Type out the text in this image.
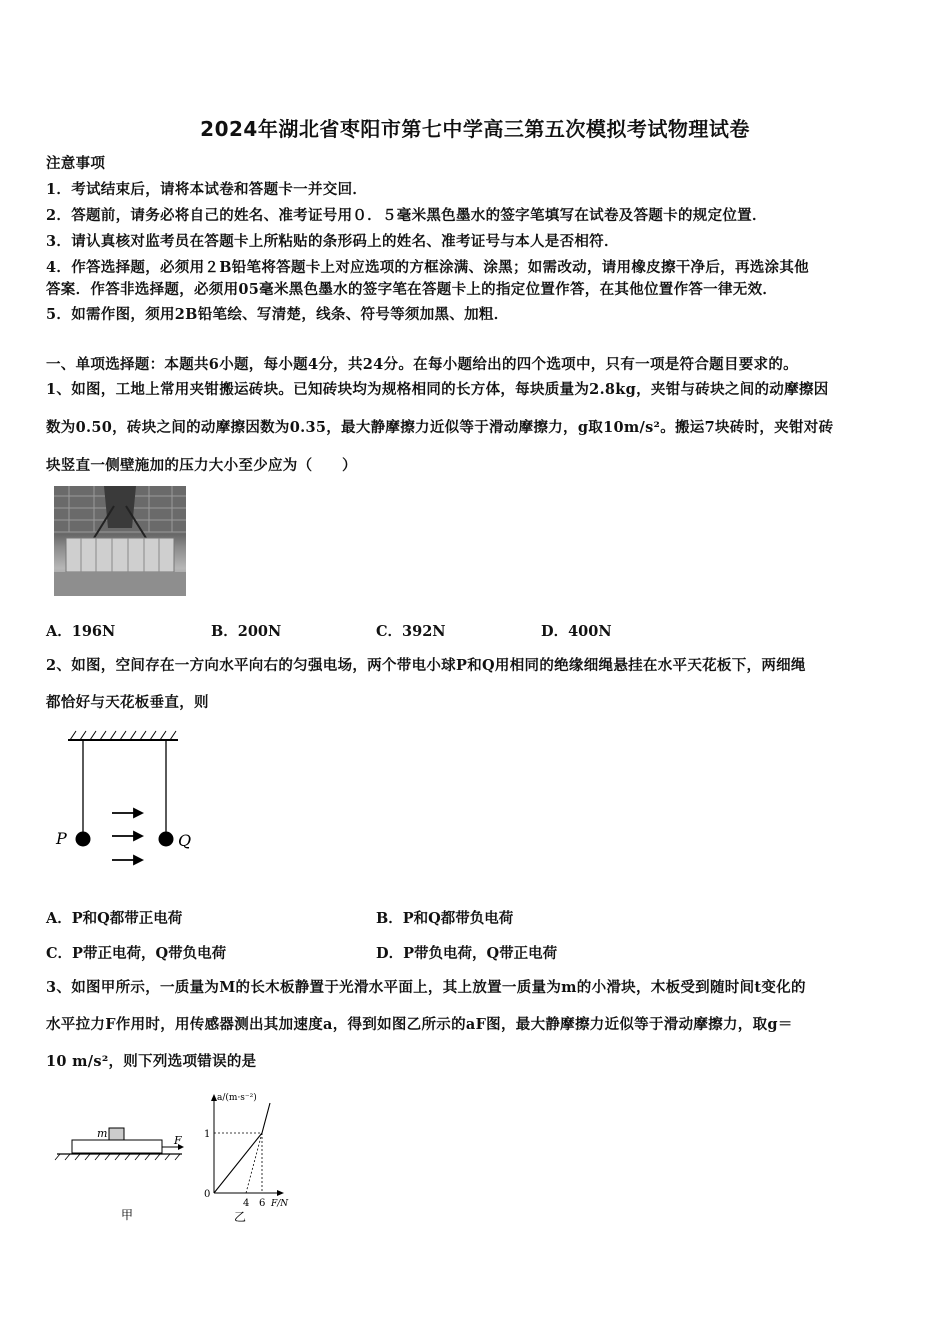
2024年湖北省枣阳市第七中学高三第五次模拟考试物理试卷
注意事项
1．考试结束后，请将本试卷和答题卡一并交回．
2．答题前，请务必将自己的姓名、准考证号用０．５毫米黑色墨水的签字笔填写在试卷及答题卡的规定位置．
3．请认真核对监考员在答题卡上所粘贴的条形码上的姓名、准考证号与本人是否相符．
4．作答选择题，必须用２B铅笔将答题卡上对应选项的方框涂满、涂黑；如需改动，请用橡皮擦干净后，再选涂其他
答案．作答非选择题，必须用05毫米黑色墨水的签字笔在答题卡上的指定位置作答，在其他位置作答一律无效．
5．如需作图，须用2B铅笔绘、写清楚，线条、符号等须加黑、加粗．
一、单项选择题：本题共6小题，每小题4分，共24分。在每小题给出的四个选项中，只有一项是符合题目要求的。
1、如图，工地上常用夹钳搬运砖块。已知砖块均为规格相同的长方体，每块质量为2.8kg，夹钳与砖块之间的动摩擦因
数为0.50，砖块之间的动摩擦因数为0.35，最大静摩擦力近似等于滑动摩擦力，g取10m/s²。搬运7块砖时，夹钳对砖
块竖直一侧壁施加的压力大小至少应为（　　）
A．196N	B．200N	C．392N	D．400N
2、如图，空间存在一方向水平向右的匀强电场，两个带电小球P和Q用相同的绝缘细绳悬挂在水平天花板下，两细绳
都恰好与天花板垂直，则
P	Q
A．P和Q都带正电荷	B．P和Q都带负电荷
C．P带正电荷，Q带负电荷	D．P带负电荷，Q带正电荷
3、如图甲所示，一质量为M的长木板静置于光滑水平面上，其上放置一质量为m的小滑块，木板受到随时间t变化的
水平拉力F作用时，用传感器测出其加速度a，得到如图乙所示的aF图，最大静摩擦力近似等于滑动摩擦力，取g＝
10 m/s²，则下列选项错误的是
m
F
甲
a/(m·s⁻²)
F/N
1
0
4 6
乙
